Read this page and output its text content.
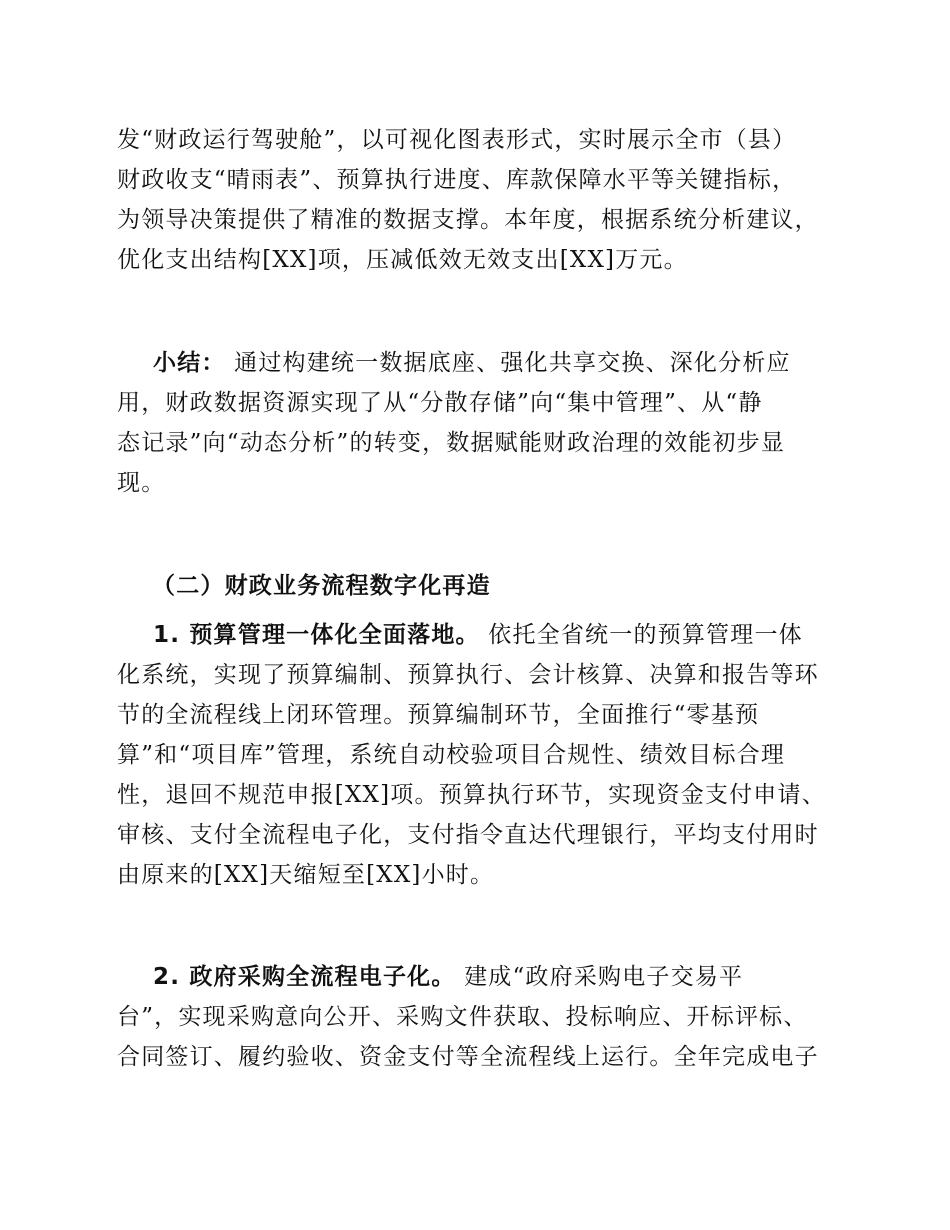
发“财政运行驾驶舱”，以可视化图表形式，实时展示全市（县）
财政收支“晴雨表”、预算执行进度、库款保障水平等关键指标，
为领导决策提供了精准的数据支撑。本年度，根据系统分析建议，
优化支出结构[XX]项，压减低效无效支出[XX]万元。

小结： 通过构建统一数据底座、强化共享交换、深化分析应
用，财政数据资源实现了从“分散存储”向“集中管理”、从“静
态记录”向“动态分析”的转变，数据赋能财政治理的效能初步显
现。

（二）财政业务流程数字化再造

1. 预算管理一体化全面落地。 依托全省统一的预算管理一体
化系统，实现了预算编制、预算执行、会计核算、决算和报告等环
节的全流程线上闭环管理。预算编制环节，全面推行“零基预
算”和“项目库”管理，系统自动校验项目合规性、绩效目标合理
性，退回不规范申报[XX]项。预算执行环节，实现资金支付申请、
审核、支付全流程电子化，支付指令直达代理银行，平均支付用时
由原来的[XX]天缩短至[XX]小时。

2. 政府采购全流程电子化。 建成“政府采购电子交易平
台”，实现采购意向公开、采购文件获取、投标响应、开标评标、
合同签订、履约验收、资金支付等全流程线上运行。全年完成电子
